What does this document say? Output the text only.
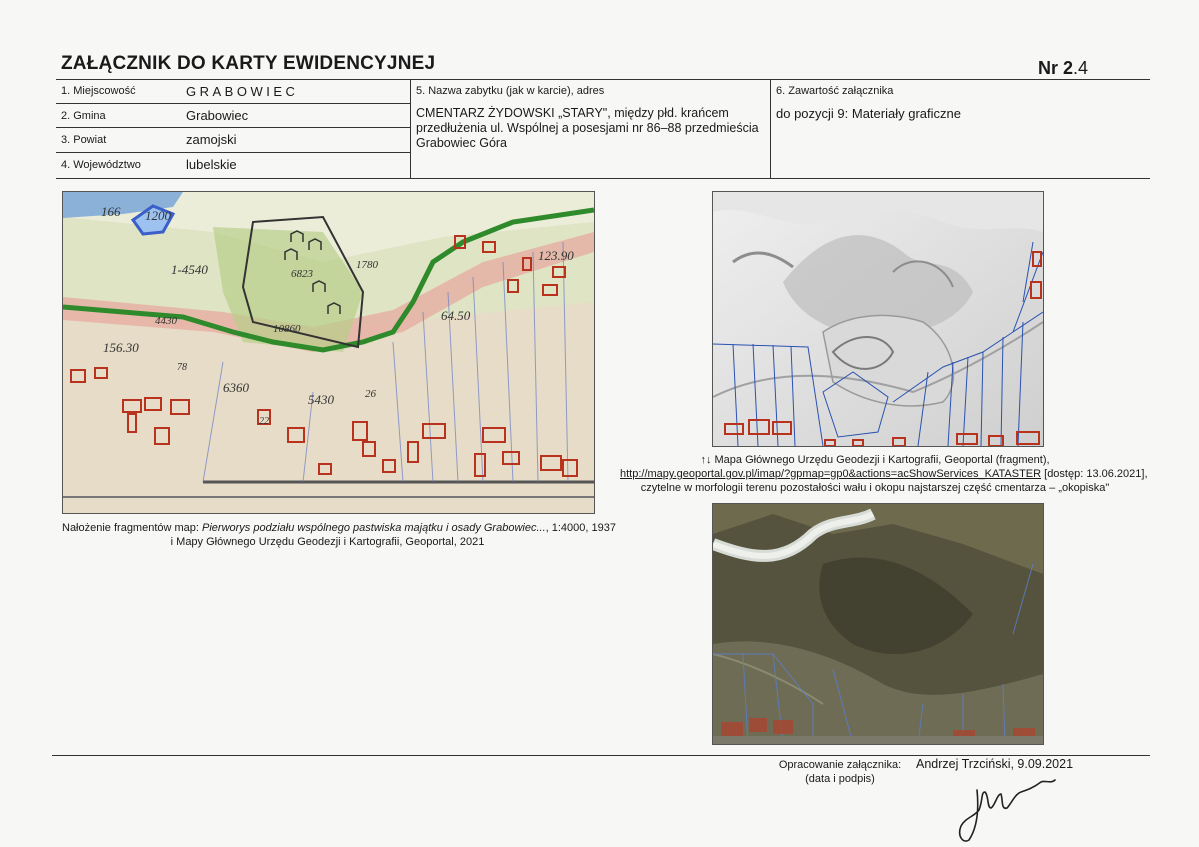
ZAŁĄCZNIK DO KARTY EWIDENCYJNEJ	Nr 2.4
1. Miejscowość	GRABOWIEC
2. Gmina	Grabowiec
3. Powiat	zamojski
4. Województwo	lubelskie
5. Nazwa zabytku (jak w karcie), adres
CMENTARZ ŻYDOWSKI „STARY", między płd. krańcem przedłużenia ul. Wspólnej a posesjami nr 86–88 przedmieścia Grabowiec Góra
6. Zawartość załącznika
do pozycji 9: Materiały graficzne
166 1200
1-4540	6823
1780
10860
4430
156.30
6360
5430
64.50
123.90
78
26
22
Nałożenie fragmentów map: Pierworys podziału wspólnego pastwiska majątku i osady Grabowiec..., 1:4000, 1937
i Mapy Głównego Urzędu Geodezji i Kartografii, Geoportal, 2021
↑↓ Mapa Głównego Urzędu Geodezji i Kartografii, Geoportal (fragment),
http://mapy.geoportal.gov.pl/imap/?gpmap=gp0&actions=acShowServices_KATASTER [dostęp: 13.06.2021],
czytelne w morfologii terenu pozostałości wału i okopu najstarszej część cmentarza – „okopiska"
Opracowanie załącznika:
(data i podpis)
Andrzej Trzciński, 9.09.2021
